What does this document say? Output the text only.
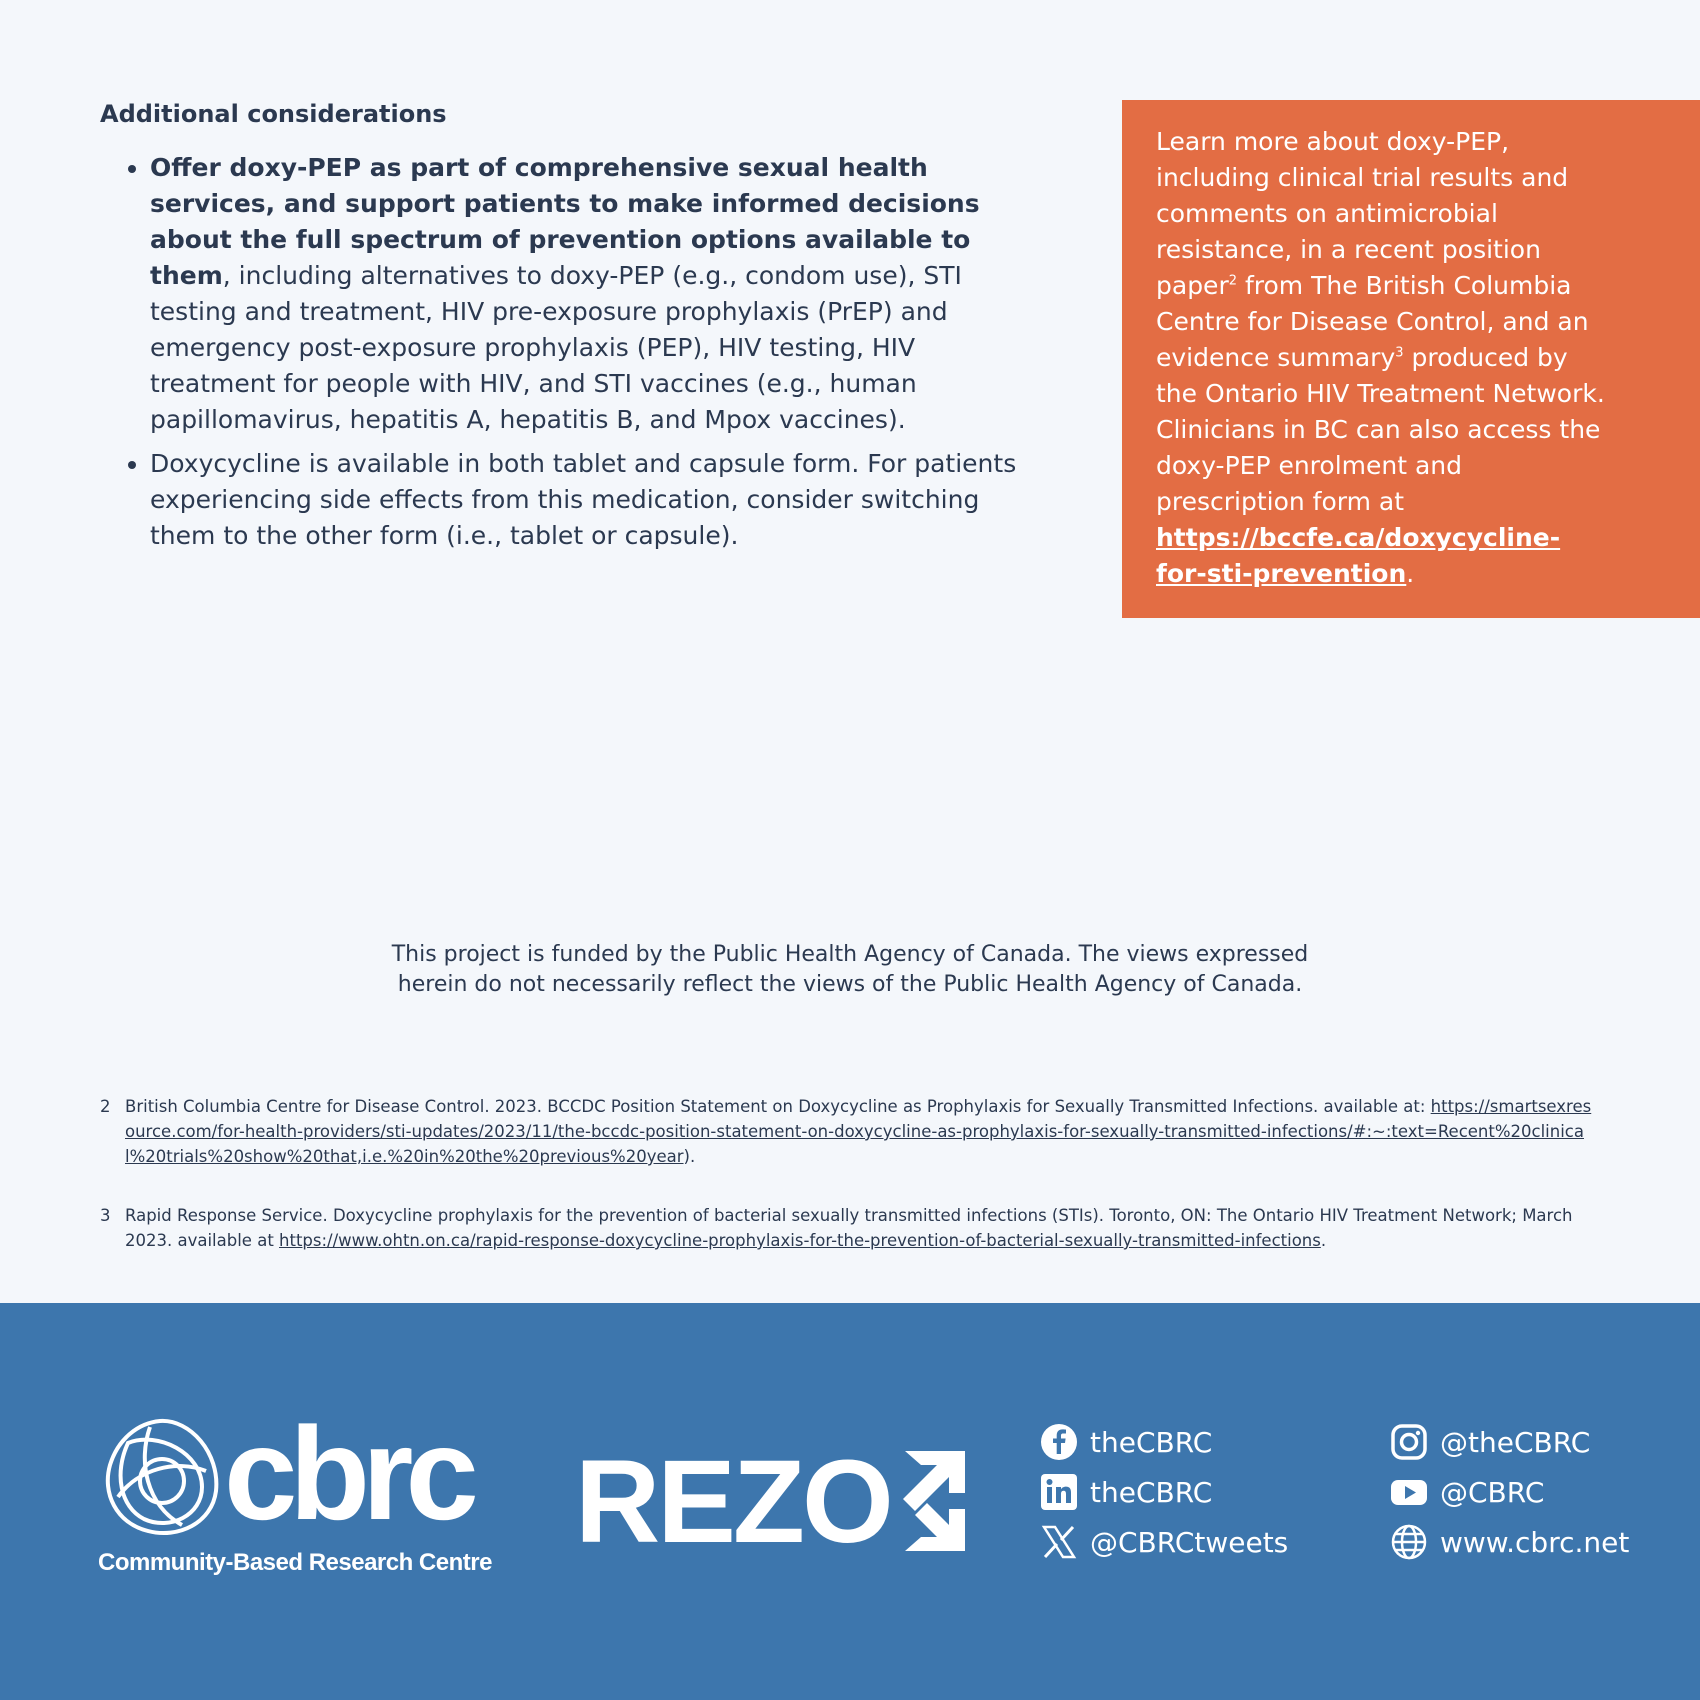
Additional considerations
• Offer doxy-PEP as part of comprehensive sexual health services, and support patients to make informed decisions about the full spectrum of prevention options available to them, including alternatives to doxy-PEP (e.g., condom use), STI testing and treatment, HIV pre-exposure prophylaxis (PrEP) and emergency post-exposure prophylaxis (PEP), HIV testing, HIV treatment for people with HIV, and STI vaccines (e.g., human papillomavirus, hepatitis A, hepatitis B, and Mpox vaccines).
• Doxycycline is available in both tablet and capsule form. For patients experiencing side effects from this medication, consider switching them to the other form (i.e., tablet or capsule).
Learn more about doxy-PEP, including clinical trial results and comments on antimicrobial resistance, in a recent position paper$^2$ from The British Columbia Centre for Disease Control, and an evidence summary$^3$ produced by the Ontario HIV Treatment Network. Clinicians in BC can also access the doxy-PEP enrolment and prescription form at https://bccfe.ca/doxycycline-for-sti-prevention.
This project is funded by the Public Health Agency of Canada. The views expressed
herein do not necessarily reflect the views of the Public Health Agency of Canada.
2 British Columbia Centre for Disease Control. 2023. BCCDC Position Statement on Doxycycline as Prophylaxis for Sexually Transmitted Infections. available at: https://smartsexresource.com/for-health-providers/sti-updates/2023/11/the-bccdc-position-statement-on-doxycycline-as-prophylaxis-for-sexually-transmitted-infections/#:~:text=Recent%20clinical%20trials%20show%20that,i.e.%20in%20the%20previous%20year).
3 Rapid Response Service. Doxycycline prophylaxis for the prevention of bacterial sexually transmitted infections (STIs). Toronto, ON: The Ontario HIV Treatment Network; March 2023. available at https://www.ohtn.on.ca/rapid-response-doxycycline-prophylaxis-for-the-prevention-of-bacterial-sexually-transmitted-infections.
cbrc
Community-Based Research Centre REZO	theCBRC
theCBRC
@CBRCtweets
@theCBRC
@CBRC
www.cbrc.net
